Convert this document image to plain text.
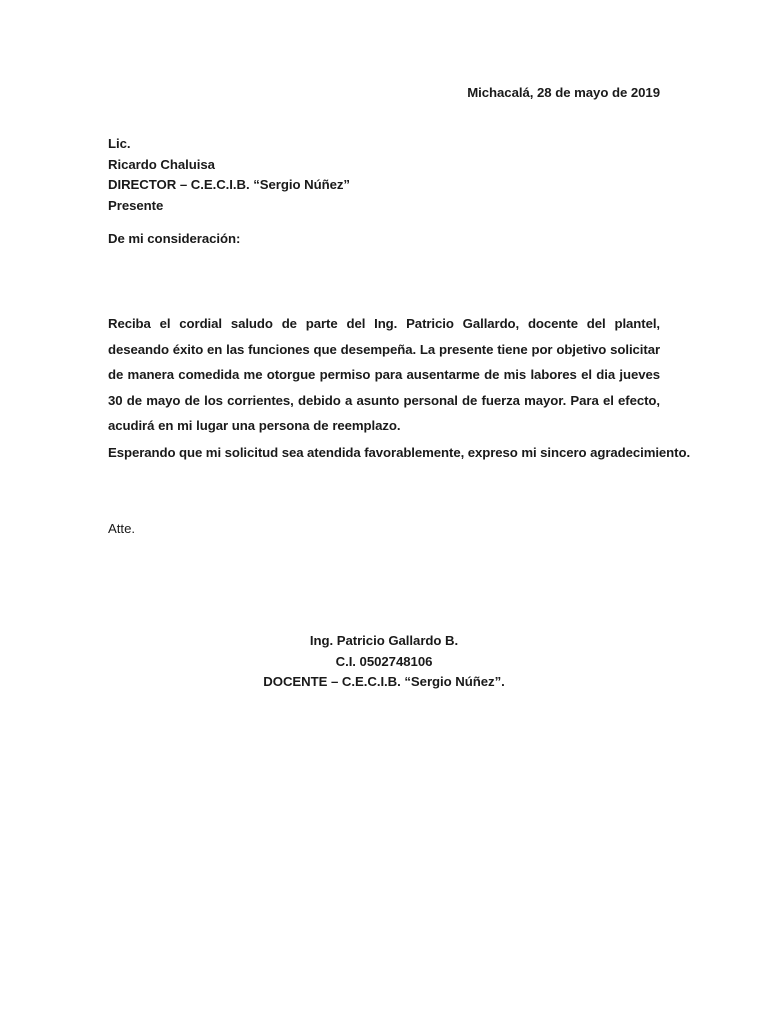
Michacalá, 28 de mayo de 2019
Lic.
Ricardo Chaluisa
DIRECTOR – C.E.C.I.B. “Sergio Núñez”
Presente
De mi consideración:
Reciba el cordial saludo de parte del Ing. Patricio Gallardo, docente del plantel, deseando éxito en las funciones que desempeña. La presente tiene por objetivo solicitar de manera comedida me otorgue permiso para ausentarme de mis labores el dia jueves 30 de mayo de los corrientes, debido a asunto personal de fuerza mayor. Para el efecto, acudirá en mi lugar una persona de reemplazo.
Esperando que mi solicitud sea atendida favorablemente, expreso mi sincero agradecimiento.
Atte.
Ing. Patricio Gallardo B.
C.I. 0502748106
DOCENTE – C.E.C.I.B. “Sergio Núñez”.
